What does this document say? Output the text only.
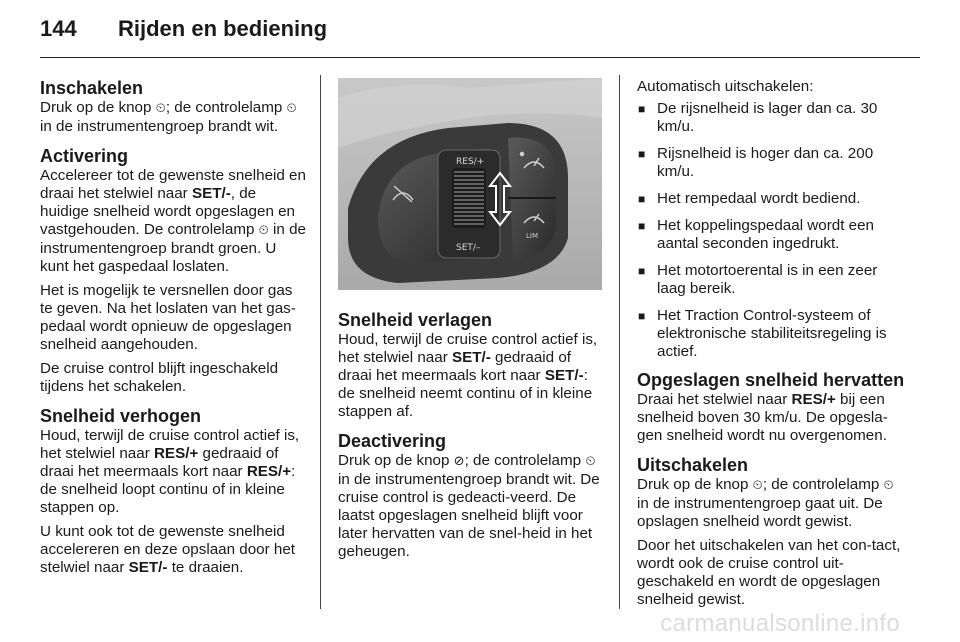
144 Rijden en bediening
Inschakelen

Druk op de knop ⏲; de controlelamp ⏲ in de instrumentengroep brandt wit.

Activering

Accelereer tot de gewenste snelheid en draai het stelwiel naar SET/-, de huidige snelheid wordt opgeslagen en vastgehouden. De controlelamp ⏲ in de instrumentengroep brandt groen. U kunt het gaspedaal loslaten.

Het is mogelijk te versnellen door gas te geven. Na het loslaten van het gas-pedaal wordt opnieuw de opgeslagen snelheid aangehouden.

De cruise control blijft ingeschakeld tijdens het schakelen.

Snelheid verhogen

Houd, terwijl de cruise control actief is, het stelwiel naar RES/+ gedraaid of draai het meermaals kort naar RES/+: de snelheid loopt continu of in kleine stappen op.

U kunt ook tot de gewenste snelheid accelereren en deze opslaan door het stelwiel naar SET/- te draaien.

RES/+
SET/–
LIM
Snelheid verlagen

Houd, terwijl de cruise control actief is, het stelwiel naar SET/- gedraaid of draai het meermaals kort naar SET/-: de snelheid neemt continu of in kleine stappen af.

Deactivering

Druk op de knop ⊘; de controlelamp ⏲ in de instrumentengroep brandt wit. De cruise control is gedeacti-veerd. De laatst opgeslagen snelheid blijft voor later hervatten van de snel-heid in het geheugen.

Automatisch uitschakelen:

■ De rijsnelheid is lager dan ca. 30 km/u.
■ Rijsnelheid is hoger dan ca. 200 km/u.
■ Het rempedaal wordt bediend.
■ Het koppelingspedaal wordt een aantal seconden ingedrukt.
■ Het motortoerental is in een zeer laag bereik.
■ Het Traction Control-systeem of elektronische stabiliteitsregeling is actief.
Opgeslagen snelheid hervatten

Draai het stelwiel naar RES/+ bij een snelheid boven 30 km/u. De opgesla-gen snelheid wordt nu overgenomen.

Uitschakelen

Druk op de knop ⏲; de controlelamp ⏲ in de instrumentengroep gaat uit. De opslagen snelheid wordt gewist.

Door het uitschakelen van het con-tact, wordt ook de cruise control uit-geschakeld en wordt de opgeslagen snelheid gewist.

carmanualsonline.info
